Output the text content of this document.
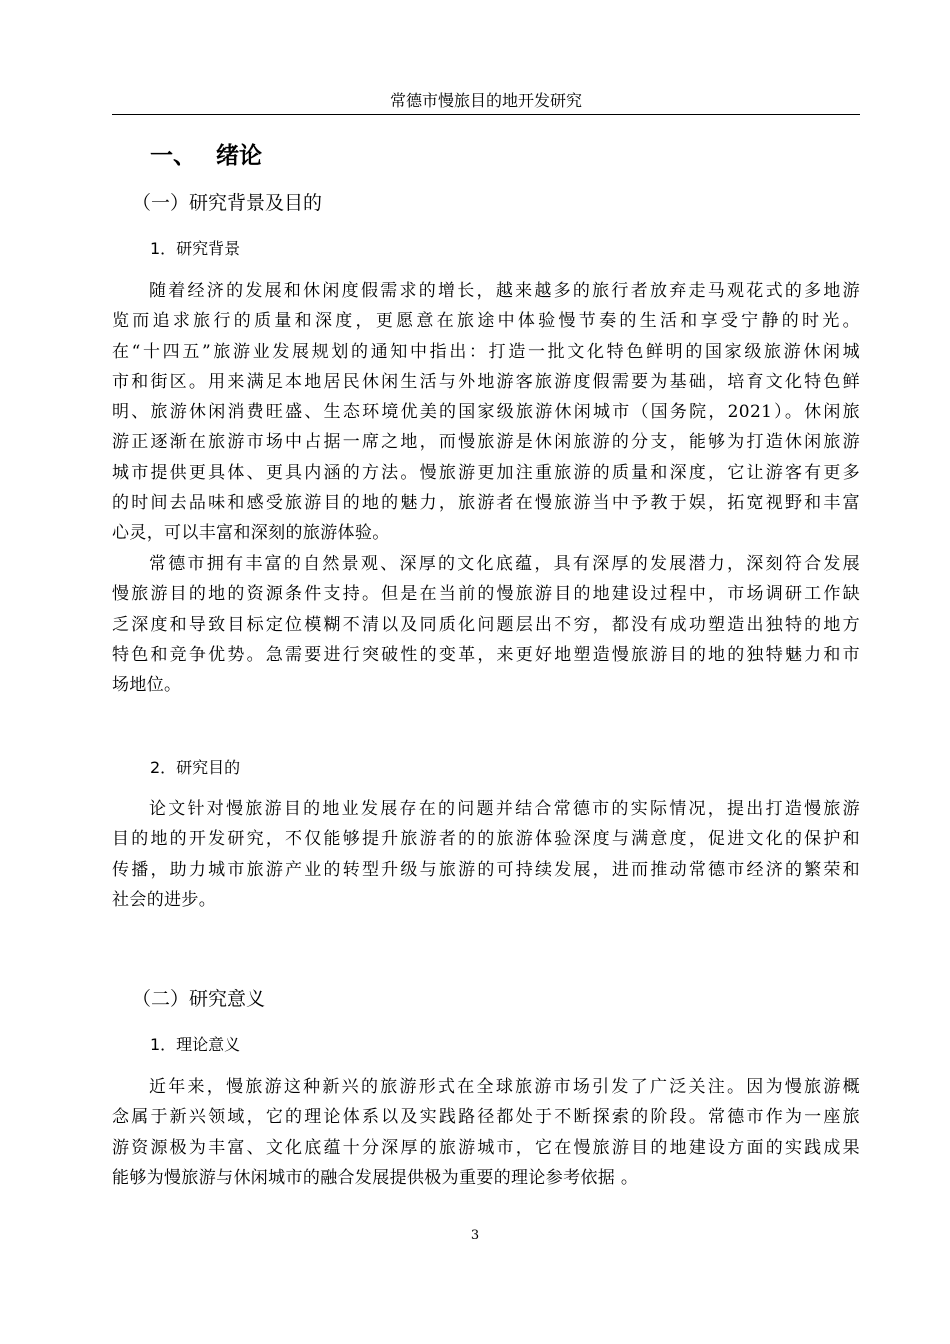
常德市慢旅目的地开发研究
一、 绪论
（一）研究背景及目的
1．研究背景
随着经济的发展和休闲度假需求的增长，越来越多的旅行者放弃走马观花式的多地游
览而追求旅行的质量和深度，更愿意在旅途中体验慢节奏的生活和享受宁静的时光。
在“十四五”旅游业发展规划的通知中指出：打造一批文化特色鲜明的国家级旅游休闲城
市和街区。用来满足本地居民休闲生活与外地游客旅游度假需要为基础，培育文化特色鲜
明、旅游休闲消费旺盛、生态环境优美的国家级旅游休闲城市（国务院，2021）。休闲旅
游正逐渐在旅游市场中占据一席之地，而慢旅游是休闲旅游的分支，能够为打造休闲旅游
城市提供更具体、更具内涵的方法。慢旅游更加注重旅游的质量和深度，它让游客有更多
的时间去品味和感受旅游目的地的魅力，旅游者在慢旅游当中予教于娱，拓宽视野和丰富
心灵，可以丰富和深刻的旅游体验。
常德市拥有丰富的自然景观、深厚的文化底蕴，具有深厚的发展潜力，深刻符合发展
慢旅游目的地的资源条件支持。但是在当前的慢旅游目的地建设过程中，市场调研工作缺
乏深度和导致目标定位模糊不清以及同质化问题层出不穷，都没有成功塑造出独特的地方
特色和竞争优势。急需要进行突破性的变革，来更好地塑造慢旅游目的地的独特魅力和市
场地位。
2．研究目的
论文针对慢旅游目的地业发展存在的问题并结合常德市的实际情况，提出打造慢旅游
目的地的开发研究，不仅能够提升旅游者的的旅游体验深度与满意度，促进文化的保护和
传播，助力城市旅游产业的转型升级与旅游的可持续发展，进而推动常德市经济的繁荣和
社会的进步。
（二）研究意义
1．理论意义
近年来，慢旅游这种新兴的旅游形式在全球旅游市场引发了广泛关注。因为慢旅游概
念属于新兴领域，它的理论体系以及实践路径都处于不断探索的阶段。常德市作为一座旅
游资源极为丰富、文化底蕴十分深厚的旅游城市，它在慢旅游目的地建设方面的实践成果
能够为慢旅游与休闲城市的融合发展提供极为重要的理论参考依据 。
3
